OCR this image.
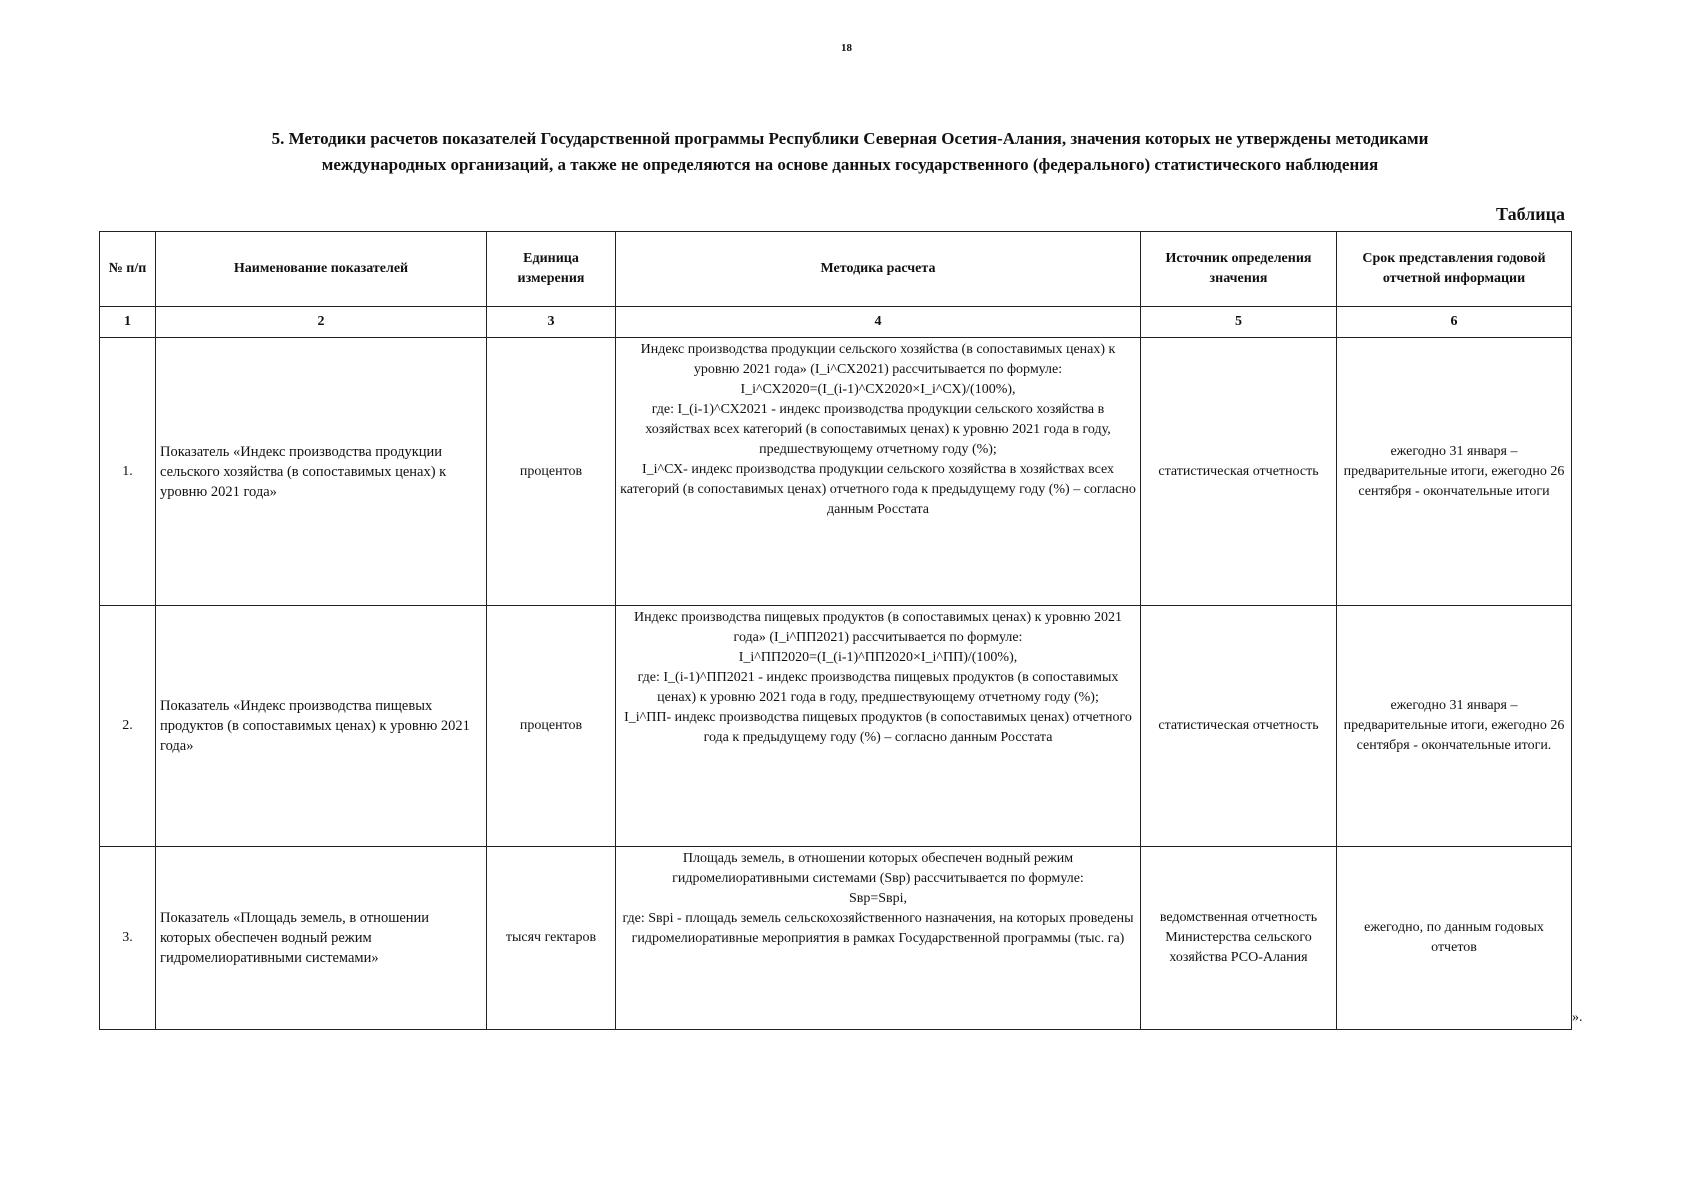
18
5. Методики расчетов показателей Государственной программы Республики Северная Осетия-Алания, значения которых не утверждены методиками
международных организаций, а также не определяются на основе данных государственного (федерального) статистического наблюдения
Таблица
№ п/п	Наименование показателей	Единица измерения	Методика расчета	Источник определения значения	Срок представления годовой отчетной информации
1	2	3	4	5	6
1.	Показатель «Индекс производства продукции сельского хозяйства (в сопоставимых ценах) к уровню 2021 года»	процентов	Индекс производства продукции сельского хозяйства (в сопоставимых ценах) к уровню 2021 года» (I_i^СХ2021) рассчитывается по формуле:
I_i^СХ2020=(I_(i-1)^СХ2020×I_i^СХ)/(100%),
где: I_(i-1)^СХ2021 - индекс производства продукции сельского хозяйства в хозяйствах всех категорий (в сопоставимых ценах) к уровню 2021 года в году, предшествующему отчетному году (%);
I_i^СХ- индекс производства продукции сельского хозяйства в хозяйствах всех категорий (в сопоставимых ценах) отчетного года к предыдущему году (%) – согласно данным Росстата	статистическая отчетность	ежегодно 31 января – предварительные итоги, ежегодно 26 сентября - окончательные итоги
2.	Показатель «Индекс производства пищевых продуктов (в сопоставимых ценах) к уровню 2021 года»	процентов	Индекс производства пищевых продуктов (в сопоставимых ценах) к уровню 2021 года» (I_i^ПП2021) рассчитывается по формуле:
I_i^ПП2020=(I_(i-1)^ПП2020×I_i^ПП)/(100%),
где: I_(i-1)^ПП2021 - индекс производства пищевых продуктов (в сопоставимых ценах) к уровню 2021 года в году, предшествующему отчетному году (%);
I_i^ПП- индекс производства пищевых продуктов (в сопоставимых ценах) отчетного года к предыдущему году (%) – согласно данным Росстата	статистическая отчетность	ежегодно 31 января – предварительные итоги, ежегодно 26 сентября - окончательные итоги.
3.	Показатель «Площадь земель, в отношении которых обеспечен водный режим гидромелиоративными системами»	тысяч гектаров	Площадь земель, в отношении которых обеспечен водный режим гидромелиоративными системами (Sвр) рассчитывается по формуле:
Sвр=Sвpi,
где: Sвpi - площадь земель сельскохозяйственного назначения, на которых проведены гидромелиоративные мероприятия в рамках Государственной программы (тыс. га)	ведомственная отчетность Министерства сельского хозяйства РСО-Алания	ежегодно, по данным годовых отчетов
».
